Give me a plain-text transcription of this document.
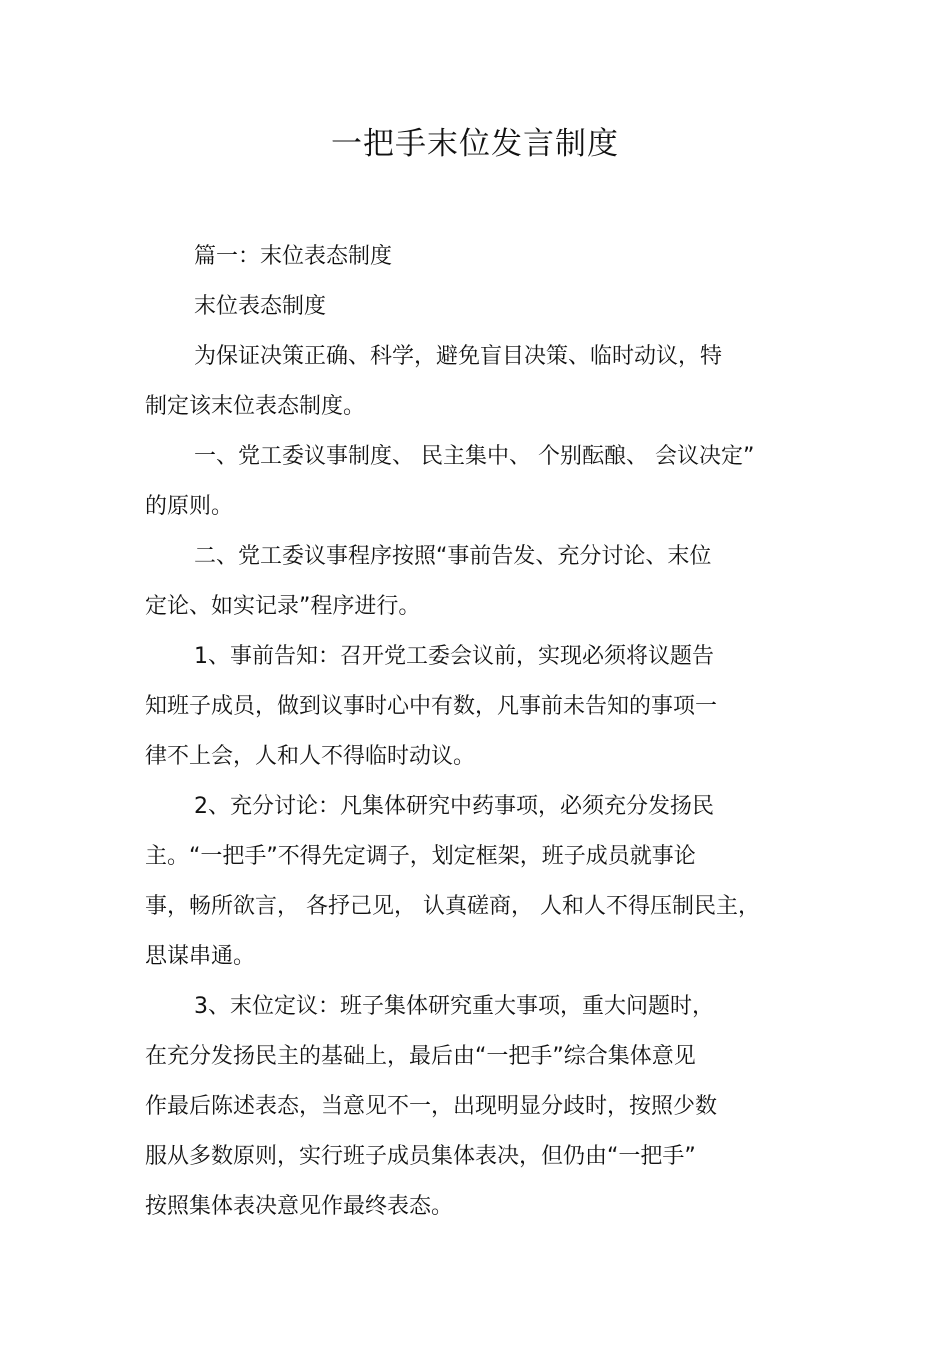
一把手末位发言制度

篇一：末位表态制度

末位表态制度

为保证决策正确、科学，避免盲目决策、临时动议，特

制定该末位表态制度。

一、党工委议事制度、 民主集中、 个别酝酿、 会议决定”

的原则。

二、党工委议事程序按照“事前告发、充分讨论、末位

定论、如实记录”程序进行。

1、事前告知：召开党工委会议前，实现必须将议题告

知班子成员，做到议事时心中有数，凡事前未告知的事项一

律不上会，人和人不得临时动议。

2、充分讨论：凡集体研究中药事项，必须充分发扬民

主。“一把手”不得先定调子，划定框架，班子成员就事论

事，畅所欲言， 各抒己见， 认真磋商， 人和人不得压制民主，

思谋串通。

3、末位定议：班子集体研究重大事项，重大问题时，

在充分发扬民主的基础上，最后由“一把手”综合集体意见

作最后陈述表态，当意见不一，出现明显分歧时，按照少数

服从多数原则，实行班子成员集体表决，但仍由“一把手”

按照集体表决意见作最终表态。
